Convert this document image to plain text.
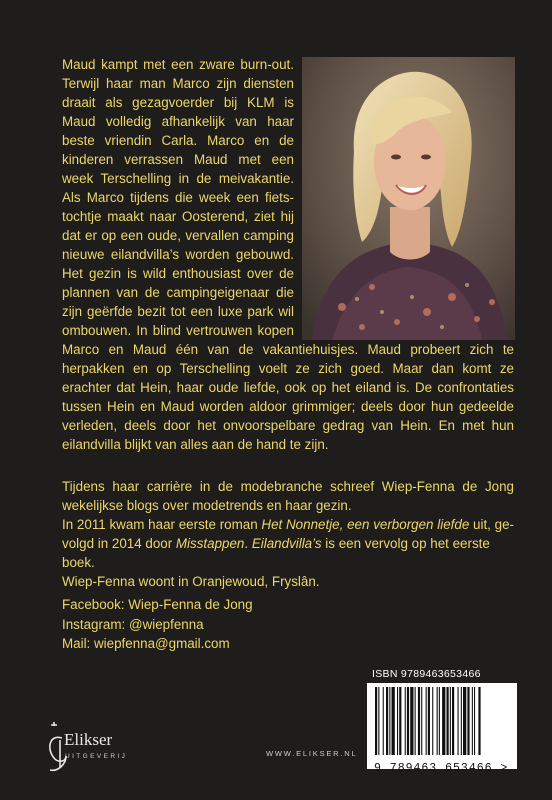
Maud kampt met een zware burn-out.
Terwijl haar man Marco zijn diensten
draait als gezagvoerder bij KLM is
Maud volledig afhankelijk van haar
beste vriendin Carla. Marco en de
kinderen verrassen Maud met een
week Terschelling in de meivakantie.
Als Marco tijdens die week een fiets-
tochtje maakt naar Oosterend, ziet hij
dat er op een oude, vervallen camping
nieuwe eilandvilla’s worden gebouwd.
Het gezin is wild enthousiast over de
plannen van de campingeigenaar die
zijn geërfde bezit tot een luxe park wil
ombouwen. In blind vertrouwen kopen
Marco en Maud één van de vakantiehuisjes. Maud probeert zich te
herpakken en op Terschelling voelt ze zich goed. Maar dan komt ze
erachter dat Hein, haar oude liefde, ook op het eiland is. De confrontaties
tussen Hein en Maud worden aldoor grimmiger; deels door hun gedeelde
verleden, deels door het onvoorspelbare gedrag van Hein. En met hun
eilandvilla blijkt van alles aan de hand te zijn.
Tijdens haar carrière in de modebranche schreef Wiep-Fenna de Jong
wekelijkse blogs over modetrends en haar gezin.
In 2011 kwam haar eerste roman Het Nonnetje, een verborgen liefde uit, ge-
volgd in 2014 door Misstappen. Eilandvilla’s is een vervolg op het eerste boek.
Wiep-Fenna woont in Oranjewoud, Fryslân.
Facebook: Wiep-Fenna de Jong
Instagram: @wiepfenna
Mail: wiepfenna@gmail.com
ISBN 9789463653466
9 789463 653466 >
Elikser
UITGEVERIJ	WWW.ELIKSER.NL
